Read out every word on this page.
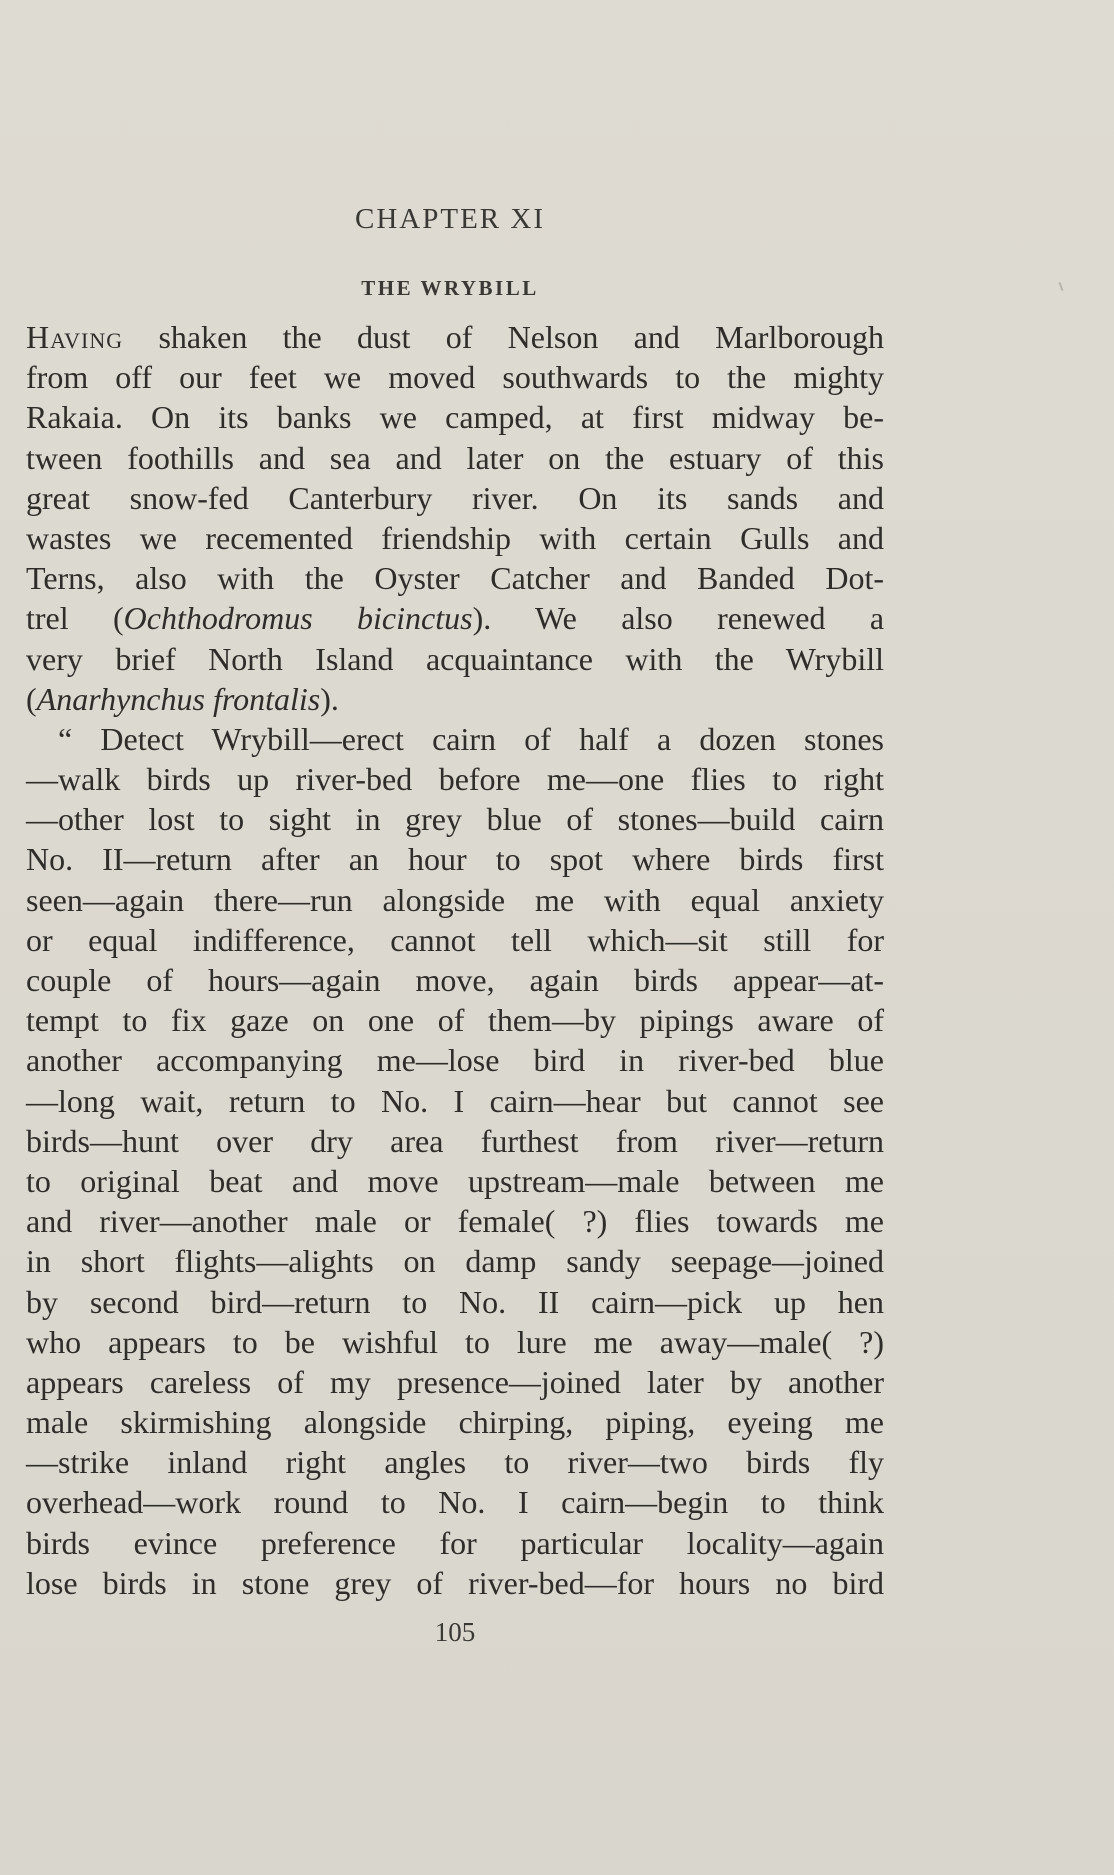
CHAPTER XI
THE WRYBILL
Having shaken the dust of Nelson and Marlborough
from off our feet we moved southwards to the mighty
Rakaia. On its banks we camped, at first midway be-
tween foothills and sea and later on the estuary of this
great snow-fed Canterbury river. On its sands and
wastes we recemented friendship with certain Gulls and
Terns, also with the Oyster Catcher and Banded Dot-
trel (Ochthodromus bicinctus). We also renewed a
very brief North Island acquaintance with the Wrybill
(Anarhynchus frontalis).
“ Detect Wrybill—erect cairn of half a dozen stones
—walk birds up river-bed before me—one flies to right
—other lost to sight in grey blue of stones—build cairn
No. II—return after an hour to spot where birds first
seen—again there—run alongside me with equal anxiety
or equal indifference, cannot tell which—sit still for
couple of hours—again move, again birds appear—at-
tempt to fix gaze on one of them—by pipings aware of
another accompanying me—lose bird in river-bed blue
—long wait, return to No. I cairn—hear but cannot see
birds—hunt over dry area furthest from river—return
to original beat and move upstream—male between me
and river—another male or female( ?) flies towards me
in short flights—alights on damp sandy seepage—joined
by second bird—return to No. II cairn—pick up hen
who appears to be wishful to lure me away—male( ?)
appears careless of my presence—joined later by another
male skirmishing alongside chirping, piping, eyeing me
—strike inland right angles to river—two birds fly
overhead—work round to No. I cairn—begin to think
birds evince preference for particular locality—again
lose birds in stone grey of river-bed—for hours no bird
105
